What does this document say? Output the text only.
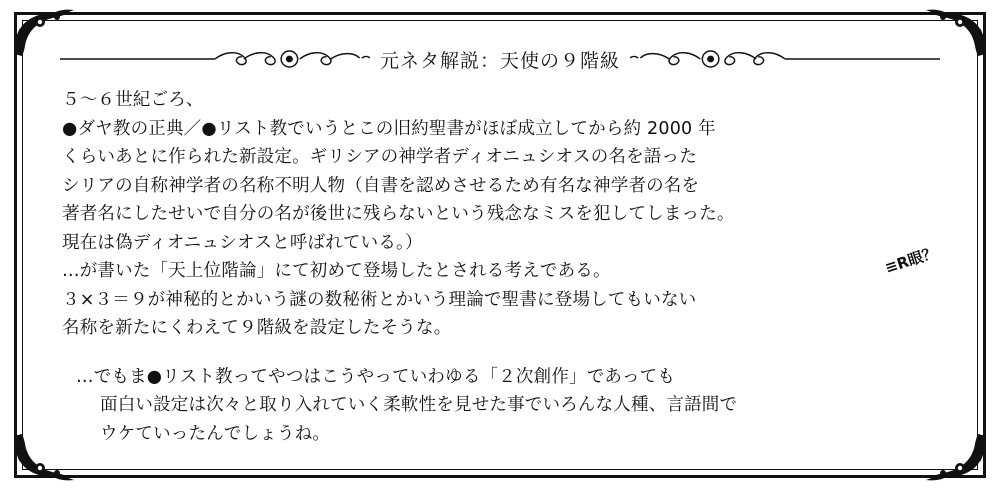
元ネタ解説：天使の９階級

５～６世紀ごろ、

●ダヤ教の正典／●リスト教でいうとこの旧約聖書がほぼ成立してから約 2000 年

くらいあとに作られた新設定。ギリシアの神学者ディオニュシオスの名を語った

シリアの自称神学者の名称不明人物（自書を認めさせるため有名な神学者の名を

著者名にしたせいで自分の名が後世に残らないという残念なミスを犯してしまった。

現在は偽ディオニュシオスと呼ばれている。）

…が書いた「天上位階論」にて初めて登場したとされる考えである。

３×３＝９が神秘的とかいう謎の数秘術とかいう理論で聖書に登場してもいない

名称を新たにくわえて９階級を設定したそうな。

…でもま●リスト教ってやつはこうやっていわゆる「２次創作」であっても

面白い設定は次々と取り入れていく柔軟性を見せた事でいろんな人種、言語間で

ウケていったんでしょうね。

≡R眼？
